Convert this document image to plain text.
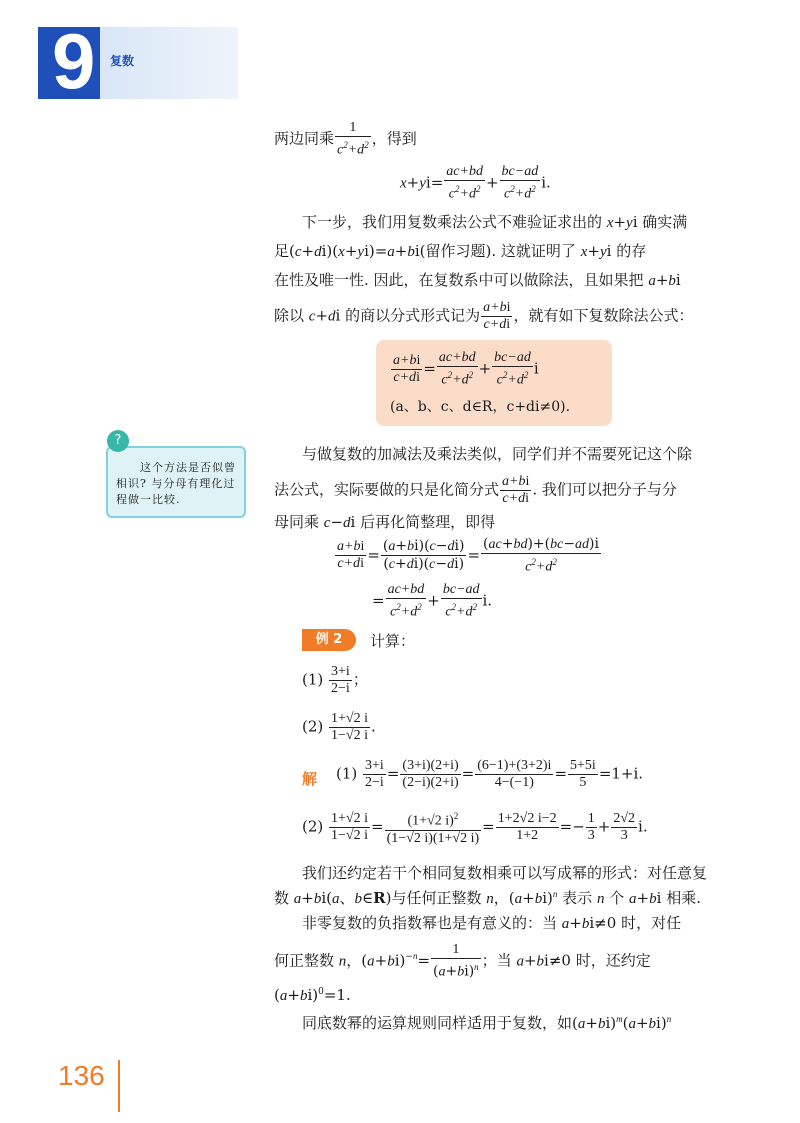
9 复数
两边同乘 $\frac{1}{c^2+d^2}$ ，得到
$x+yi= \frac{ac+bd}{c^2+d^2} + \frac{bc-ad}{c^2+d^2} i$.
下一步，我们用复数乘法公式不难验证求出的 x+yi 确实满
足(c+di)(x+yi)=a+bi(留作习题). 这就证明了 x+yi 的存
在性及唯一性. 因此，在复数系中可以做除法，且如果把 a+bi
除以 c+di 的商以分式形式记为 $\frac{a+bi}{c+di}$ ，就有如下复数除法公式：
$\frac{a+bi}{c+di} = \frac{ac+bd}{c^2+d^2} + \frac{bc-ad}{c^2+d^2}$ i
(a、b、c、d∈R，c+di≠0).
?
这个方法是否似曾相识? 与分母有理化过程做一比较.
与做复数的加减法及乘法类似，同学们并不需要死记这个除
法公式，实际要做的只是化简分式 $\frac{a+bi}{c+di}$ . 我们可以把分子与分
母同乘 c−di 后再化简整理，即得
$\frac{a+bi}{c+di} = \frac{(a+bi)(c-di)}{(c+di)(c-di)} = \frac{(ac+bd)+(bc-ad)i}{c^2+d^2}$
= $\frac{ac+bd}{c^2+d^2} + \frac{bc-ad}{c^2+d^2} i$.
例 2	计算：
$(1) \frac{3+i}{2-i}$ ；
$(2) \frac{1+√2 i}{1-√2 i}$ .
解 $(1) \frac{3+i}{2-i} = \frac{(3+i)(2+i)}{(2-i)(2+i)} = \frac{(6-1)+(3+2)i}{4-(-1)} = \frac{5+5i}{5} =1+i$.
$(2) \frac{1+√2 i}{1-√2 i} = \frac{(1+√2 i)^2}{(1-√2 i)(1+√2 i)} = \frac{1+2√2 i-2}{1+2} =- \frac{1}{3} + \frac{2√2}{3} i$.
我们还约定若干个相同复数相乘可以写成幂的形式：对任意复
数 a+bi(a、b∈R)与任何正整数 n，$(a+bi)^n$ 表示 n 个 a+bi 相乘.
非零复数的负指数幂也是有意义的：当 a+bi≠0 时，对任
何正整数 n，$(a+bi)^{-n}= \frac{1}{(a+bi)^n}$ ；当 a+bi≠0 时，还约定
$(a+bi)^0=1$.
同底数幂的运算规则同样适用于复数，如$(a+bi)^m(a+bi)^n$
136
